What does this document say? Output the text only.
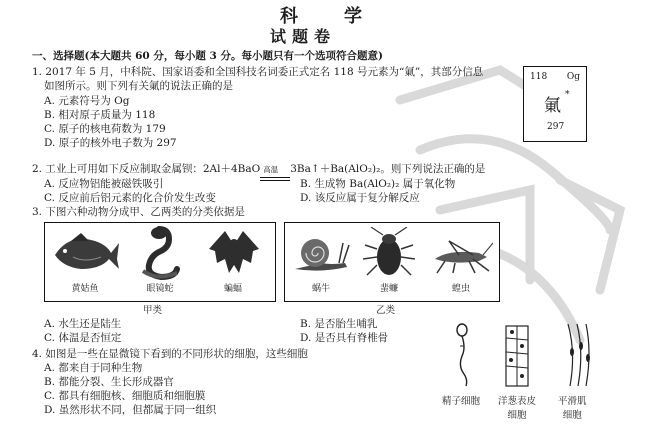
科　学
试题卷
一、选择题(本大题共 60 分，每小题 3 分。每小题只有一个选项符合题意)
1. 2017 年 5 月，中科院、国家语委和全国科技名词委正式定名 118 号元素为“氭”，其部分信息
如图所示。则下列有关氭的说法正确的是
A. 元素符号为 Og
B. 相对原子质量为 118
C. 原子的核电荷数为 179
D. 原子的核外电子数为 297
118 Og
氭
*
297
2. 工业上可用如下反应制取金属钡：2Al＋4BaO 高温 3Ba↑＋Ba(AlO₂)₂。则下列说法正确的是
A. 反应物铝能被磁铁吸引	B. 生成物 Ba(AlO₂)₂ 属于氧化物
C. 反应前后铝元素的化合价发生改变	D. 该反应属于复分解反应
3. 下图六种动物分成甲、乙两类的分类依据是
黄姑鱼	眼镜蛇	蝙蝠
甲类
蜗牛	蜚蠊	蝗虫
乙类
A. 水生还是陆生	B. 是否胎生哺乳
C. 体温是否恒定	D. 是否具有脊椎骨
4. 如图是一些在显微镜下看到的不同形状的细胞，这些细胞
A. 都来自于同种生物
B. 都能分裂、生长形成器官
C. 都具有细胞核、细胞质和细胞膜
D. 虽然形状不同，但都属于同一组织
精子细胞 洋葱表皮
细胞
平滑肌
细胞
